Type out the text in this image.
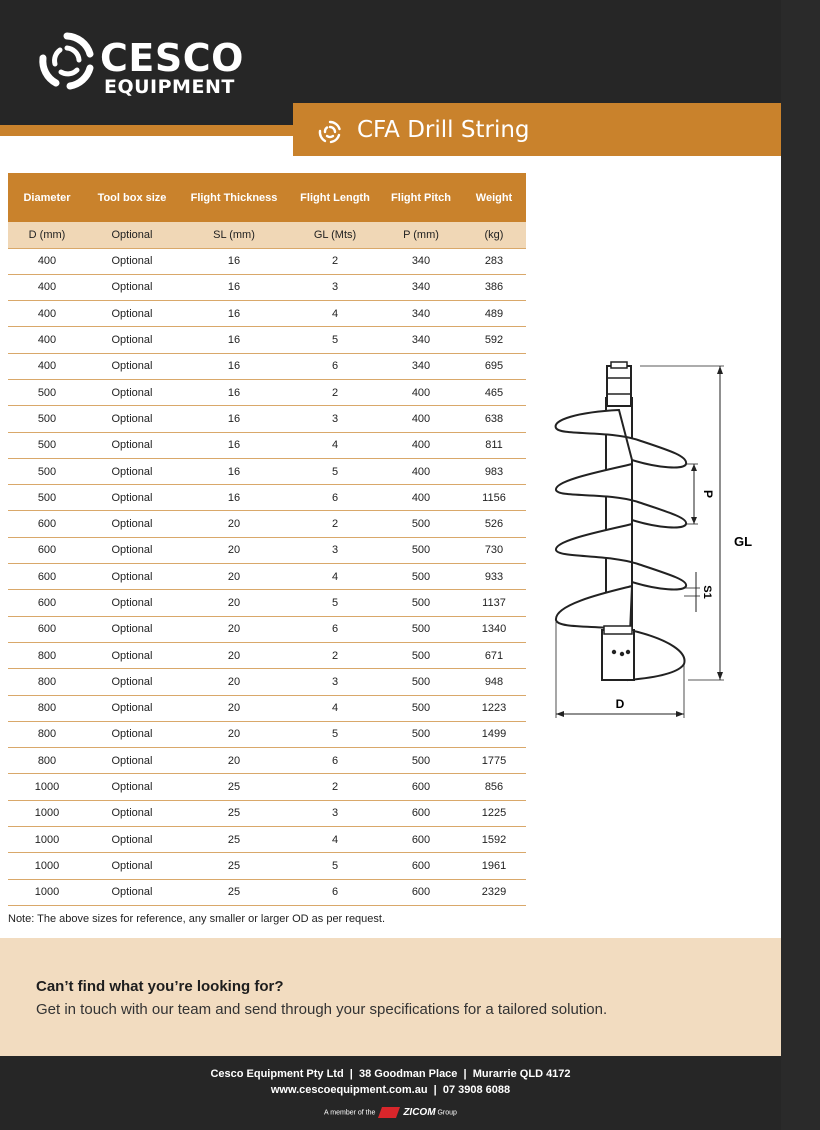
CESCO
EQUIPMENT
CFA Drill String
Diameter	Tool box size	Flight Thickness	Flight Length	Flight Pitch	Weight
D (mm)	Optional	SL (mm)	GL (Mts)	P (mm)	(kg)
400	Optional	16	2	340	283
400	Optional	16	3	340	386
400	Optional	16	4	340	489
400	Optional	16	5	340	592
400	Optional	16	6	340	695
500	Optional	16	2	400	465
500	Optional	16	3	400	638
500	Optional	16	4	400	811
500	Optional	16	5	400	983
500	Optional	16	6	400	1156
600	Optional	20	2	500	526
600	Optional	20	3	500	730
600	Optional	20	4	500	933
600	Optional	20	5	500	1137
600	Optional	20	6	500	1340
800	Optional	20	2	500	671
800	Optional	20	3	500	948
800	Optional	20	4	500	1223
800	Optional	20	5	500	1499
800	Optional	20	6	500	1775
1000	Optional	25	2	600	856
1000	Optional	25	3	600	1225
1000	Optional	25	4	600	1592
1000	Optional	25	5	600	1961
1000	Optional	25	6	600	2329
Note: The above sizes for reference, any smaller or larger OD as per request.
P
GL
S1
D
Can’t find what you’re looking for?
Get in touch with our team and send through your specifications for a tailored solution.
Cesco Equipment Pty Ltd  |  38 Goodman Place  |  Murarrie QLD 4172
www.cescoequipment.com.au  |  07 3908 6088
A member of the	ZICOM Group
